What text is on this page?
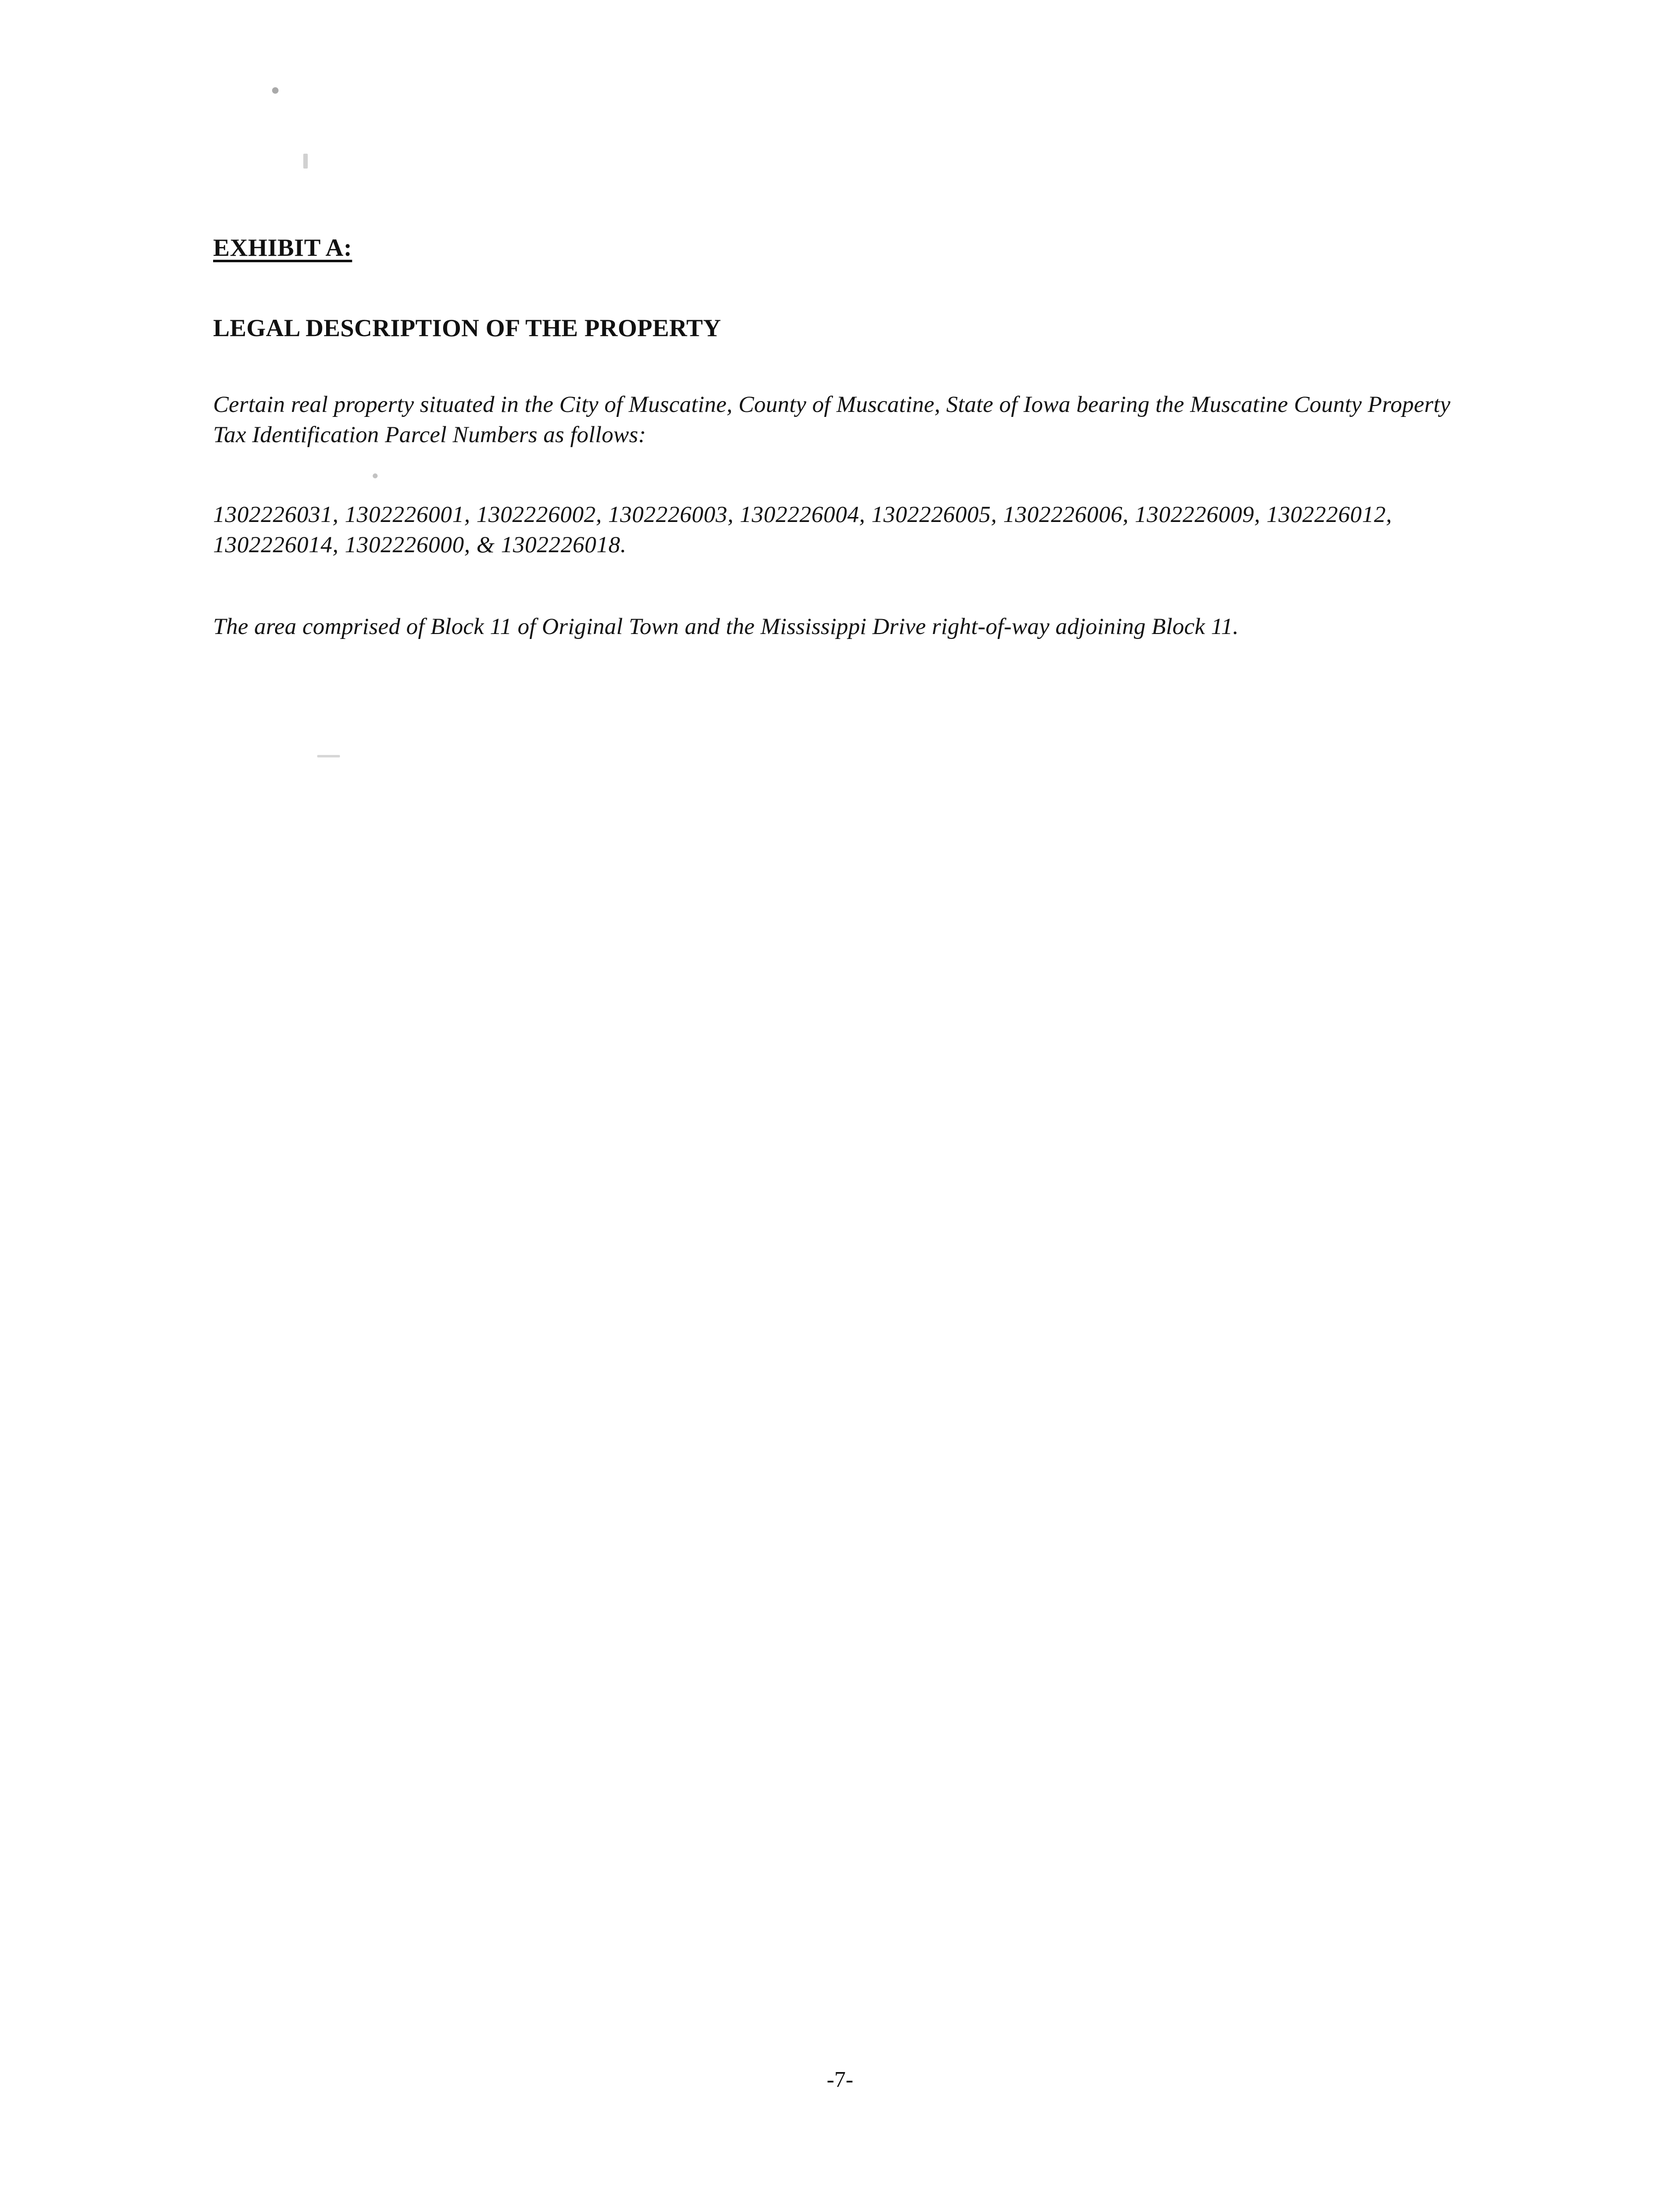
EXHIBIT A:
LEGAL DESCRIPTION OF THE PROPERTY

Certain real property situated in the City of Muscatine, County of Muscatine, State of Iowa bearing the Muscatine County Property Tax Identification Parcel Numbers as follows:

1302226031, 1302226001, 1302226002, 1302226003, 1302226004, 1302226005, 1302226006, 1302226009, 1302226012, 1302226014, 1302226000, & 1302226018.

The area comprised of Block 11 of Original Town and the Mississippi Drive right-of-way adjoining Block 11.

-7-
